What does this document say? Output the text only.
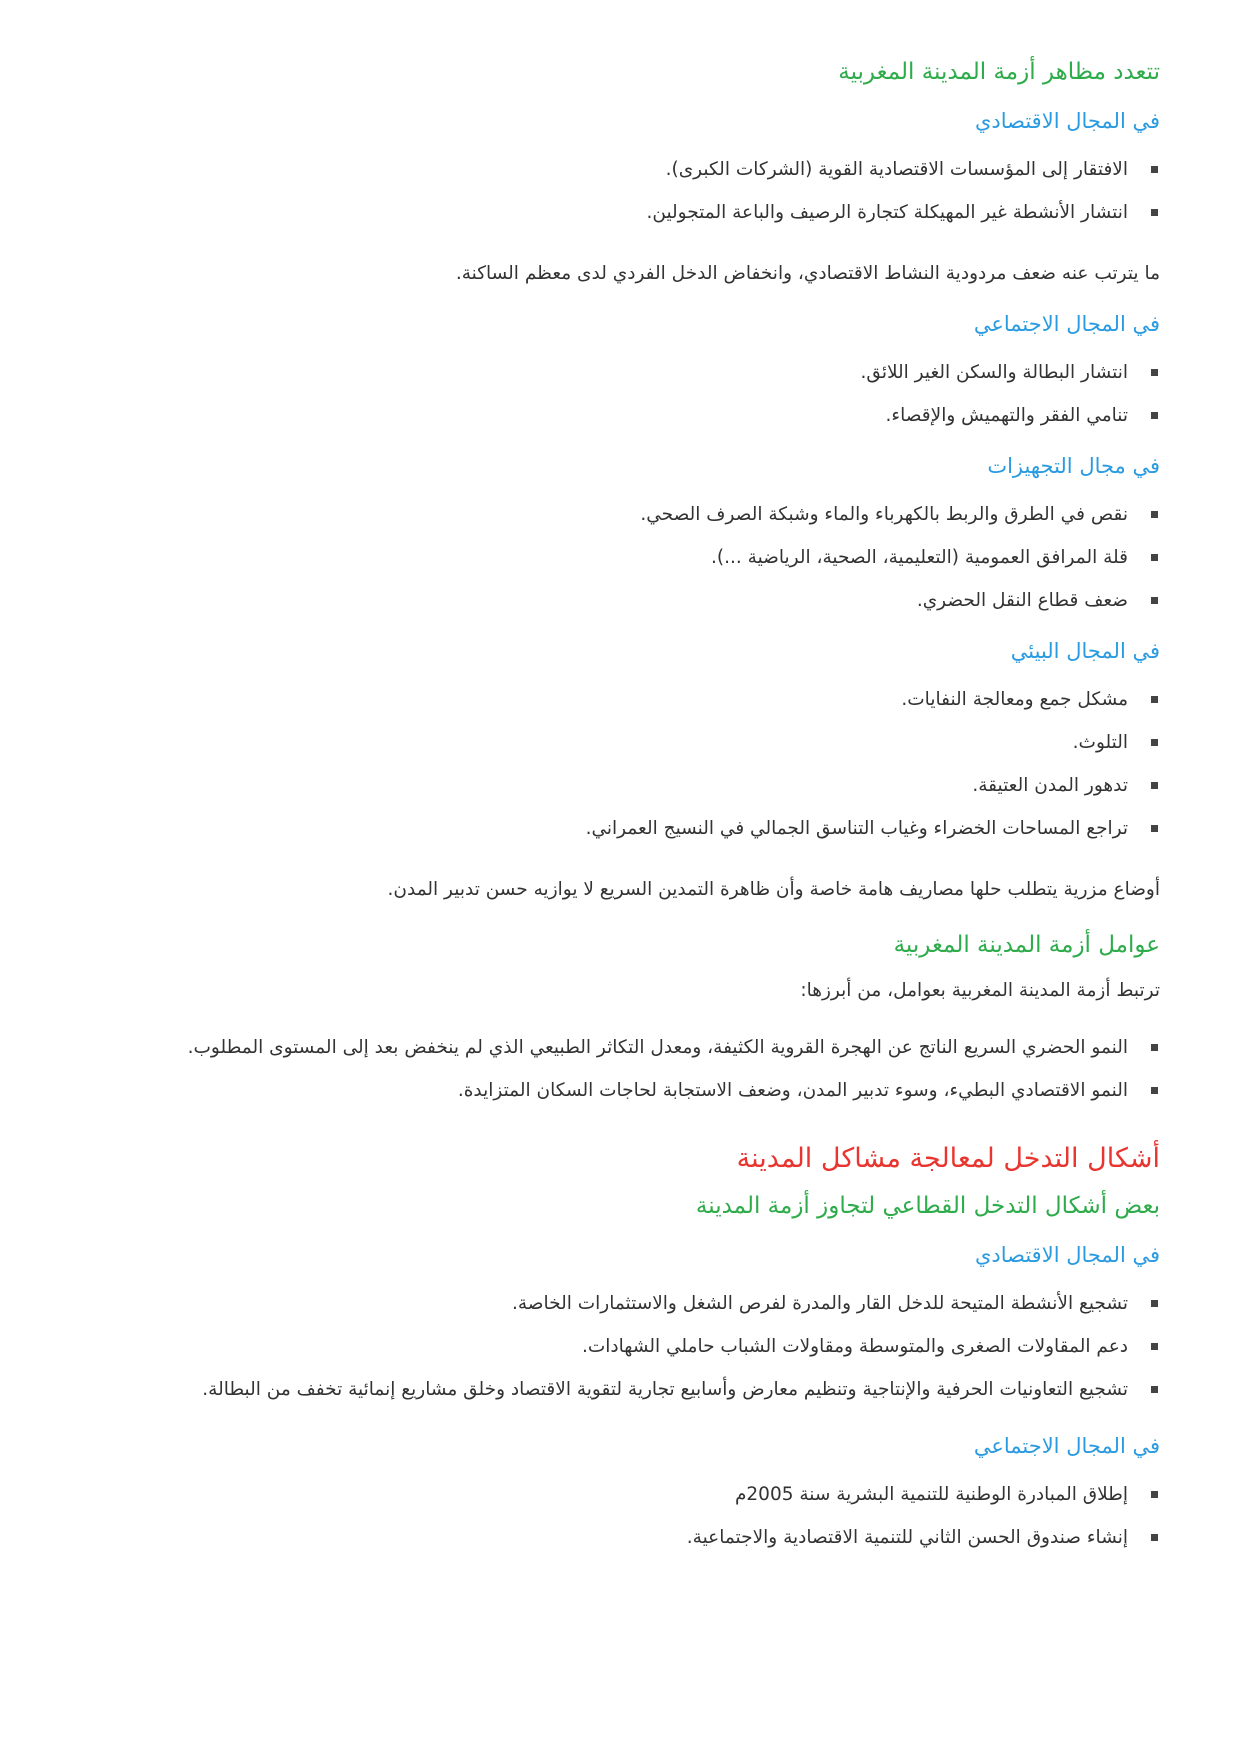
تتعدد مظاهر أزمة المدينة المغربية
في المجال الاقتصادي
الافتقار إلى المؤسسات الاقتصادية القوية (الشركات الكبرى).
انتشار الأنشطة غير المهيكلة كتجارة الرصيف والباعة المتجولين.

ما يترتب عنه ضعف مردودية النشاط الاقتصادي، وانخفاض الدخل الفردي لدى معظم الساكنة.

في المجال الاجتماعي
انتشار البطالة والسكن الغير اللائق.
تنامي الفقر والتهميش والإقصاء.
في مجال التجهيزات
نقص في الطرق والربط بالكهرباء والماء وشبكة الصرف الصحي.
قلة المرافق العمومية (التعليمية، الصحية، الرياضية ...).
ضعف قطاع النقل الحضري.
في المجال البيئي
مشكل جمع ومعالجة النفايات.
التلوث.
تدهور المدن العتيقة.
تراجع المساحات الخضراء وغياب التناسق الجمالي في النسيج العمراني.

أوضاع مزرية يتطلب حلها مصاريف هامة خاصة وأن ظاهرة التمدين السريع لا يوازيه حسن تدبير المدن.

عوامل أزمة المدينة المغربية

ترتبط أزمة المدينة المغربية بعوامل، من أبرزها:

النمو الحضري السريع الناتج عن الهجرة القروية الكثيفة، ومعدل التكاثر الطبيعي الذي لم ينخفض بعد إلى المستوى المطلوب.
النمو الاقتصادي البطيء، وسوء تدبير المدن، وضعف الاستجابة لحاجات السكان المتزايدة.
أشكال التدخل لمعالجة مشاكل المدينة
بعض أشكال التدخل القطاعي لتجاوز أزمة المدينة
في المجال الاقتصادي
تشجيع الأنشطة المتيحة للدخل القار والمدرة لفرص الشغل والاستثمارات الخاصة.
دعم المقاولات الصغرى والمتوسطة ومقاولات الشباب حاملي الشهادات.
تشجيع التعاونيات الحرفية والإنتاجية وتنظيم معارض وأسابيع تجارية لتقوية الاقتصاد وخلق مشاريع إنمائية تخفف من البطالة.
في المجال الاجتماعي
إطلاق المبادرة الوطنية للتنمية البشرية سنة 2005م
إنشاء صندوق الحسن الثاني للتنمية الاقتصادية والاجتماعية.
